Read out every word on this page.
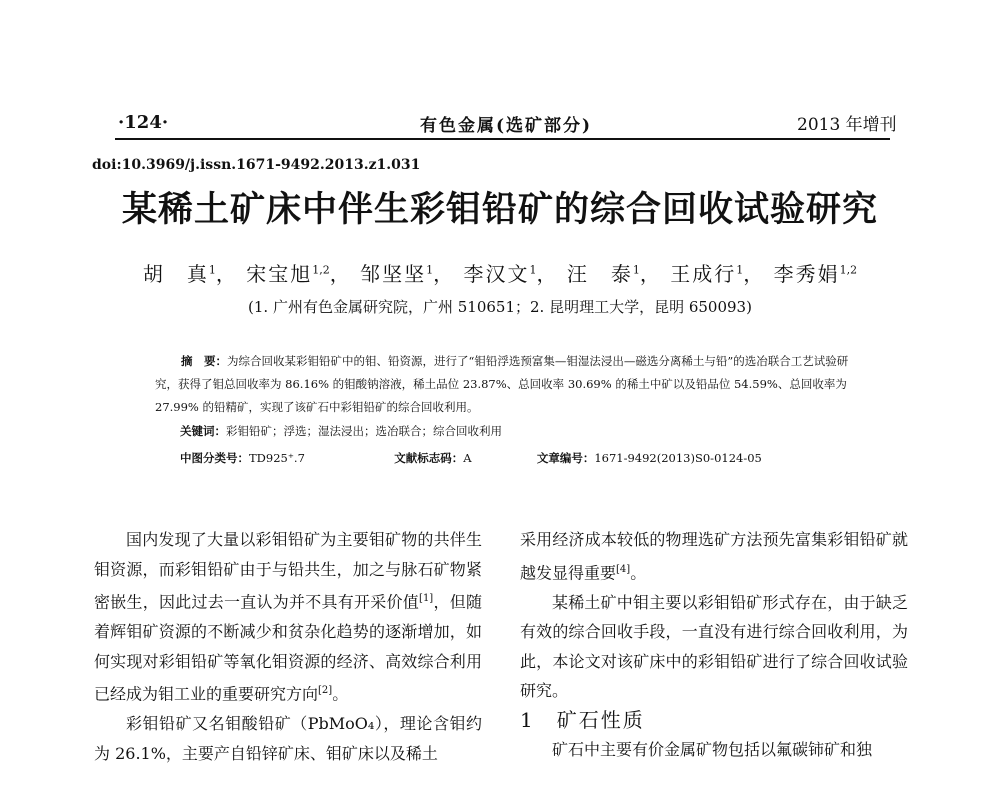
·124·	有色金属(选矿部分)	2013 年增刊
doi:10.3969/j.issn.1671-9492.2013.z1.031
某稀土矿床中伴生彩钼铅矿的综合回收试验研究
胡　真$^1$， 宋宝旭$^{1,2}$， 邹坚坚$^1$， 李汉文$^1$， 汪　泰$^1$， 王成行$^1$， 李秀娟$^{1,2}$
(1. 广州有色金属研究院，广州 510651；2. 昆明理工大学，昆明 650093)
摘　要：为综合回收某彩钼铅矿中的钼、铅资源，进行了“钼铅浮选预富集—钼湿法浸出—磁选分离稀土与铅”的选冶联合工艺试验研究，获得了钼总回收率为 86.16% 的钼酸钠溶液，稀土品位 23.87%、总回收率 30.69% 的稀土中矿以及铅品位 54.59%、总回收率为 27.99% 的铅精矿，实现了该矿石中彩钼铅矿的综合回收利用。
关键词：彩钼铅矿；浮选；湿法浸出；选冶联合；综合回收利用
中图分类号：TD925⁺.7	文献标志码：A	文章编号：1671-9492(2013)S0-0124-05

国内发现了大量以彩钼铅矿为主要钼矿物的共伴生钼资源，而彩钼铅矿由于与铅共生，加之与脉石矿物紧密嵌生，因此过去一直认为并不具有开采价值[1]，但随着辉钼矿资源的不断减少和贫杂化趋势的逐渐增加，如何实现对彩钼铅矿等氧化钼资源的经济、高效综合利用已经成为钼工业的重要研究方向[2]。

彩钼铅矿又名钼酸铅矿（PbMoO₄），理论含钼约为 26.1%，主要产自铅锌矿床、钼矿床以及稀土

采用经济成本较低的物理选矿方法预先富集彩钼铅矿就越发显得重要[4]。

某稀土矿中钼主要以彩钼铅矿形式存在，由于缺乏有效的综合回收手段，一直没有进行综合回收利用，为此，本论文对该矿床中的彩钼铅矿进行了综合回收试验研究。

1　矿石性质

矿石中主要有价金属矿物包括以氟碳铈矿和独
